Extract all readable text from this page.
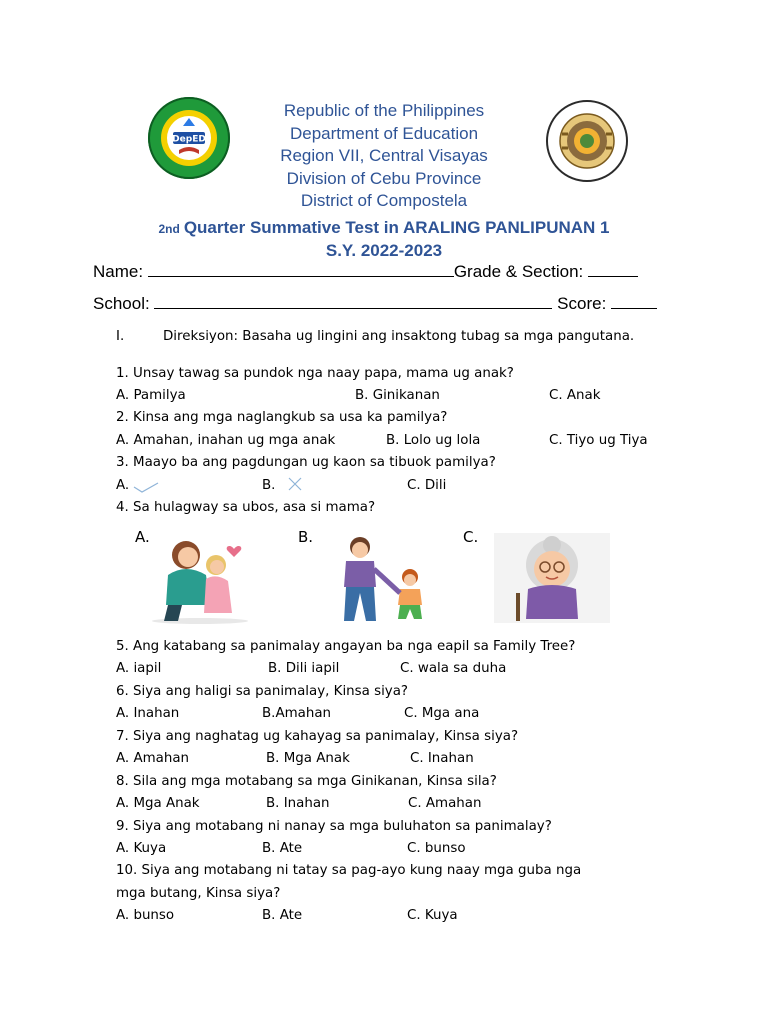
DepED
Republic of the Philippines
Department of Education
Region VII, Central Visayas
Division of Cebu Province
District of Compostela
2nd Quarter Summative Test in ARALING PANLIPUNAN 1
S.Y. 2022-2023
Name:	Grade & Section:
School:	Score:
I.	Direksiyon: Basaha ug lingini ang insaktong tubag sa mga pangutana.
1. Unsay tawag sa pundok nga naay papa, mama ug anak?
A. Pamilya	B. Ginikanan	C. Anak
2. Kinsa ang mga naglangkub sa usa ka pamilya?
A. Amahan, inahan ug mga anak	B. Lolo ug lola	C. Tiyo ug Tiya
3. Maayo ba ang pagdungan ug kaon sa tibuok pamilya?
A.	B.	C. Dili
4. Sa hulagway sa ubos, asa si mama?
A.	B.	C.
5. Ang katabang sa panimalay angayan ba nga eapil sa Family Tree?
A. iapil	B. Dili iapil	C. wala sa duha
6. Siya ang haligi sa panimalay, Kinsa siya?
A. Inahan	B.Amahan	C. Mga ana
7. Siya ang naghatag ug kahayag sa panimalay, Kinsa siya?
A. Amahan	B. Mga Anak	C. Inahan
8. Sila ang mga motabang sa mga Ginikanan, Kinsa sila?
A. Mga Anak	B. Inahan	C. Amahan
9. Siya ang motabang ni nanay sa mga buluhaton sa panimalay?
A. Kuya	B. Ate	C. bunso
10. Siya ang motabang ni tatay sa pag-ayo kung naay mga guba nga
mga butang, Kinsa siya?
A. bunso	B. Ate	C. Kuya
